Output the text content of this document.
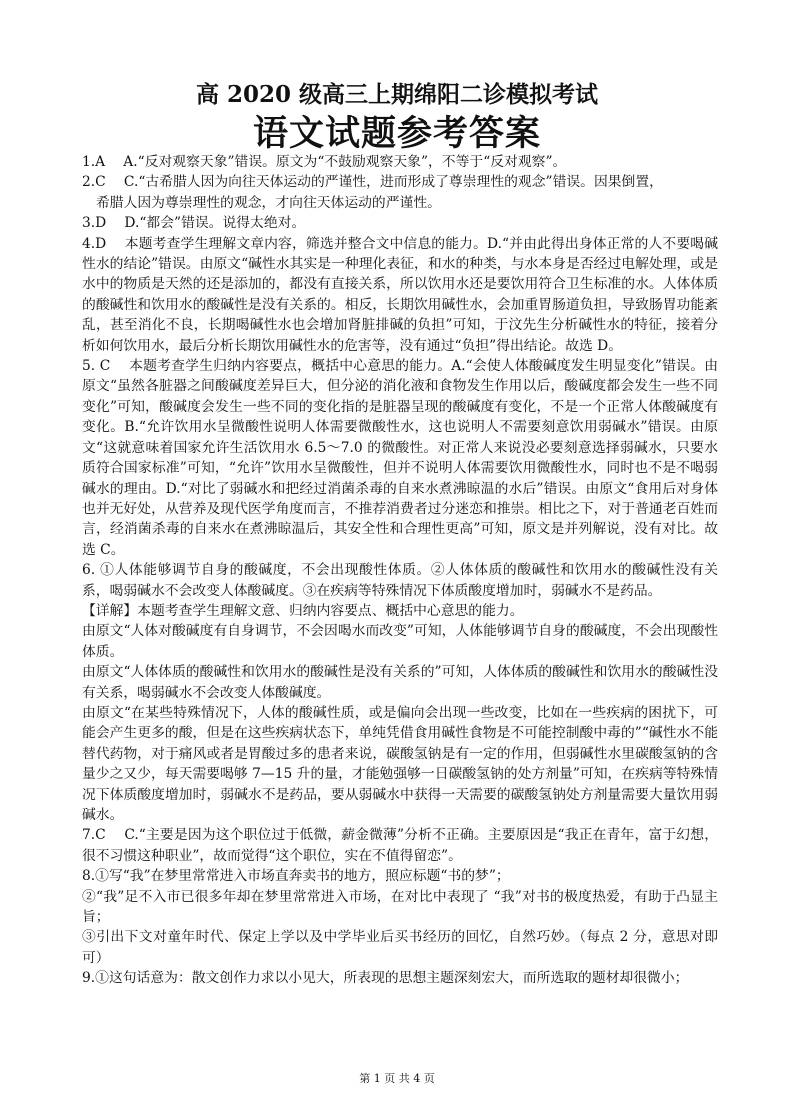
高 2020 级高三上期绵阳二诊模拟考试
语文试题参考答案

1.A　 A.“反对观察天象”错误。原文为“不鼓励观察天象”，不等于“反对观察”。

2.C　 C.“古希腊人因为向往天体运动的严谨性，进而形成了尊崇理性的观念”错误。因果倒置，

希腊人因为尊崇理性的观念，才向往天体运动的严谨性。

3.D　 D.“都会”错误。说得太绝对。

4.D　 本题考查学生理解文章内容，筛选并整合文中信息的能力。D.“并由此得出身体正常的人不要喝碱性水的结论”错误。由原文“碱性水其实是一种理化表征，和水的种类，与水本身是否经过电解处理，或是水中的物质是天然的还是添加的，都没有直接关系，所以饮用水还是要饮用符合卫生标准的水。人体体质的酸碱性和饮用水的酸碱性是没有关系的。相反，长期饮用碱性水，会加重胃肠道负担，导致肠胃功能紊乱，甚至消化不良，长期喝碱性水也会增加肾脏排碱的负担”可知，于汶先生分析碱性水的特征，接着分析如何饮用水，最后分析长期饮用碱性水的危害等，没有通过“负担”得出结论。故选 D。

5. C　 本题考查学生归纳内容要点，概括中心意思的能力。A.“会使人体酸碱度发生明显变化”错误。由原文“虽然各脏器之间酸碱度差异巨大，但分泌的消化液和食物发生作用以后，酸碱度都会发生一些不同变化”可知，酸碱度会发生一些不同的变化指的是脏器呈现的酸碱度有变化，不是一个正常人体酸碱度有变化。B.“允许饮用水呈微酸性说明人体需要微酸性水，这也说明人不需要刻意饮用弱碱水”错误。由原文“这就意味着国家允许生活饮用水 6.5～7.0 的微酸性。对正常人来说没必要刻意选择弱碱水，只要水质符合国家标准”可知，“允许”饮用水呈微酸性，但并不说明人体需要饮用微酸性水，同时也不是不喝弱碱水的理由。D.“对比了弱碱水和把经过消菌杀毒的自来水煮沸晾温的水后”错误。由原文“食用后对身体也并无好处，从营养及现代医学角度而言，不推荐消费者过分迷恋和推崇。相比之下，对于普通老百姓而言，经消菌杀毒的自来水在煮沸晾温后，其安全性和合理性更高”可知，原文是并列解说，没有对比。故选 C。

6. ①人体能够调节自身的酸碱度，不会出现酸性体质。②人体体质的酸碱性和饮用水的酸碱性没有关系，喝弱碱水不会改变人体酸碱度。③在疾病等特殊情况下体质酸度增加时，弱碱水不是药品。

【详解】本题考查学生理解文意、归纳内容要点、概括中心意思的能力。

由原文“人体对酸碱度有自身调节，不会因喝水而改变”可知，人体能够调节自身的酸碱度，不会出现酸性体质。

由原文“人体体质的酸碱性和饮用水的酸碱性是没有关系的”可知，人体体质的酸碱性和饮用水的酸碱性没有关系，喝弱碱水不会改变人体酸碱度。

由原文“在某些特殊情况下，人体的酸碱性质，或是偏向会出现一些改变，比如在一些疾病的困扰下，可能会产生更多的酸，但是在这些疾病状态下，单纯凭借食用碱性食物是不可能控制酸中毒的”“碱性水不能替代药物，对于痛风或者是胃酸过多的患者来说，碳酸氢钠是有一定的作用，但弱碱性水里碳酸氢钠的含量少之又少，每天需要喝够 7—15 升的量，才能勉强够一日碳酸氢钠的处方剂量”可知，在疾病等特殊情况下体质酸度增加时，弱碱水不是药品，要从弱碱水中获得一天需要的碳酸氢钠处方剂量需要大量饮用弱碱水。

7.C　 C.“主要是因为这个职位过于低微，薪金微薄”分析不正确。主要原因是“我正在青年，富于幻想，很不习惯这种职业”，故而觉得“这个职位，实在不值得留恋”。

8.①写“我”在梦里常常进入市场直奔卖书的地方，照应标题“书的梦”；

②“我”足不入市已很多年却在梦里常常进入市场，在对比中表现了 “我”对书的极度热爱，有助于凸显主旨；

③引出下文对童年时代、保定上学以及中学毕业后买书经历的回忆，自然巧妙。（每点 2 分，意思对即可）

9.①这句话意为：散文创作力求以小见大，所表现的思想主题深刻宏大，而所选取的题材却很微小；

第 1 页 共 4 页
